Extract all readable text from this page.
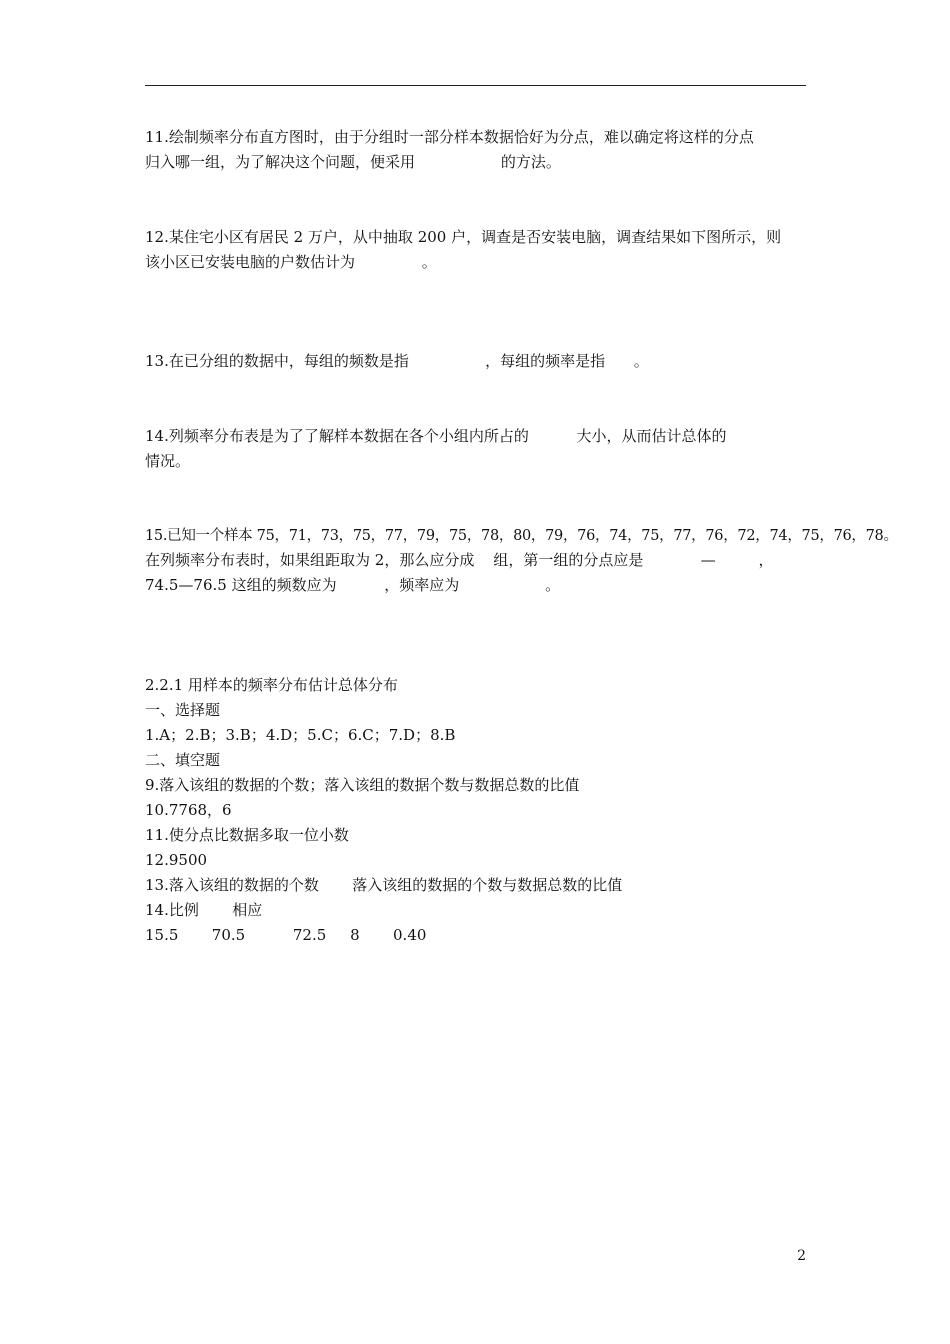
11.绘制频率分布直方图时，由于分组时一部分样本数据恰好为分点，难以确定将这样的分点
归入哪一组，为了解决这个问题，便采用                  的方法。
12.某住宅小区有居民 2 万户，从中抽取 200 户，调查是否安装电脑，调查结果如下图所示，则
该小区已安装电脑的户数估计为              。
13.在已分组的数据中，每组的频数是指                ，每组的频率是指      。
14.列频率分布表是为了了解样本数据在各个小组内所占的          大小，从而估计总体的
情况。
15.已知一个样本 75，71，73，75，77，79，75，78，80，79，76，74，75，77，76，72，74，75，76，78。
在列频率分布表时，如果组距取为 2，那么应分成    组，第一组的分点应是            —         ，
74.5—76.5 这组的频数应为          ，频率应为                  。
2.2.1 用样本的频率分布估计总体分布
一、选择题
1.A；2.B；3.B；4.D；5.C；6.C；7.D；8.B
二、填空题
9.落入该组的数据的个数；落入该组的数据个数与数据总数的比值
10.7768，6
11.使分点比数据多取一位小数
12.9500
13.落入该组的数据的个数       落入该组的数据的个数与数据总数的比值
14.比例       相应
15.5       70.5          72.5     8       0.40
2
